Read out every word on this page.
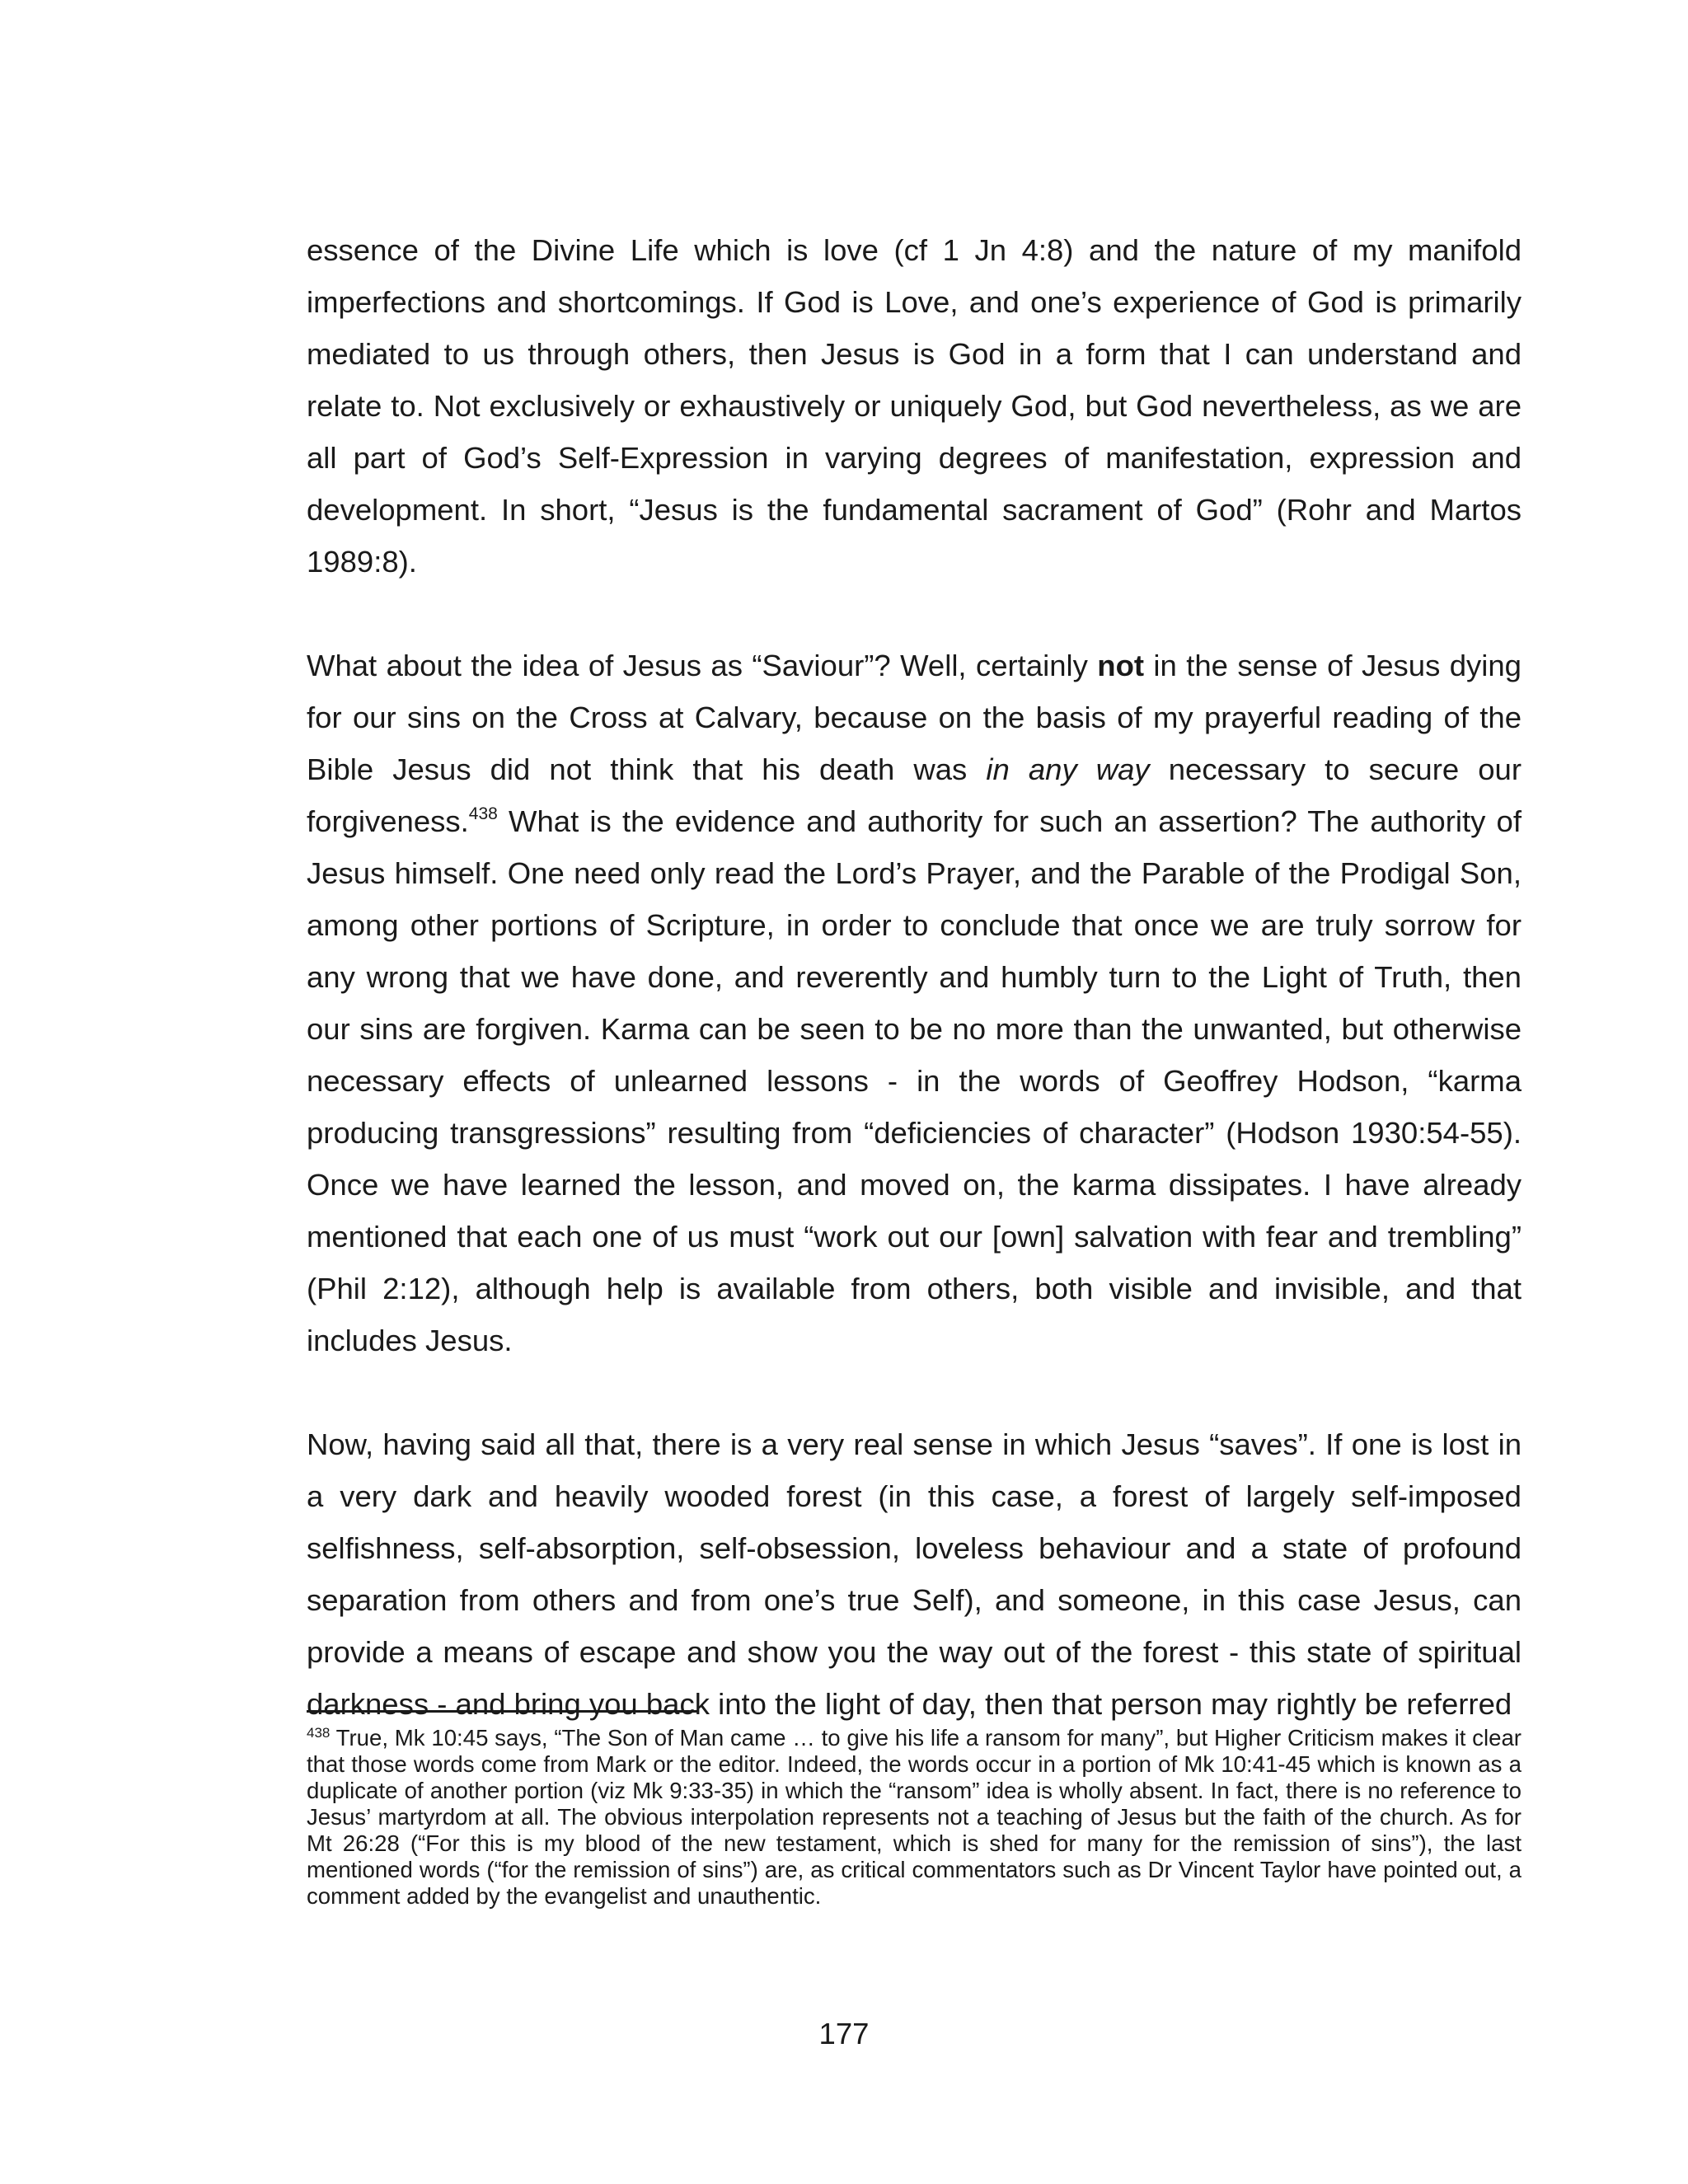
essence of the Divine Life which is love (cf 1 Jn 4:8) and the nature of my manifold imperfections and shortcomings. If God is Love, and one’s experience of God is primarily mediated to us through others, then Jesus is God in a form that I can understand and relate to. Not exclusively or exhaustively or uniquely God, but God nevertheless, as we are all part of God’s Self-Expression in varying degrees of manifestation, expression and development. In short, “Jesus is the fundamental sacrament of God” (Rohr and Martos 1989:8).

What about the idea of Jesus as “Saviour”? Well, certainly not in the sense of Jesus dying for our sins on the Cross at Calvary, because on the basis of my prayerful reading of the Bible Jesus did not think that his death was in any way necessary to secure our forgiveness.$^{438}$ What is the evidence and authority for such an assertion? The authority of Jesus himself. One need only read the Lord’s Prayer, and the Parable of the Prodigal Son, among other portions of Scripture, in order to conclude that once we are truly sorrow for any wrong that we have done, and reverently and humbly turn to the Light of Truth, then our sins are forgiven. Karma can be seen to be no more than the unwanted, but otherwise necessary effects of unlearned lessons - in the words of Geoffrey Hodson, “karma producing transgressions” resulting from “deficiencies of character” (Hodson 1930:54-55). Once we have learned the lesson, and moved on, the karma dissipates. I have already mentioned that each one of us must “work out our [own] salvation with fear and trembling” (Phil 2:12), although help is available from others, both visible and invisible, and that includes Jesus.

Now, having said all that, there is a very real sense in which Jesus “saves”. If one is lost in a very dark and heavily wooded forest (in this case, a forest of largely self-imposed selfishness, self-absorption, self-obsession, loveless behaviour and a state of profound separation from others and from one’s true Self), and someone, in this case Jesus, can provide a means of escape and show you the way out of the forest - this state of spiritual darkness - and bring you back into the light of day, then that person may rightly be referred

$^{438}$ True, Mk 10:45 says, “The Son of Man came … to give his life a ransom for many”, but Higher Criticism makes it clear that those words come from Mark or the editor. Indeed, the words occur in a portion of Mk 10:41-45 which is known as a duplicate of another portion (viz Mk 9:33-35) in which the “ransom” idea is wholly absent. In fact, there is no reference to Jesus’ martyrdom at all. The obvious interpolation represents not a teaching of Jesus but the faith of the church. As for Mt 26:28 (“For this is my blood of the new testament, which is shed for many for the remission of sins”), the last mentioned words (“for the remission of sins”) are, as critical commentators such as Dr Vincent Taylor have pointed out, a comment added by the evangelist and unauthentic.

177
